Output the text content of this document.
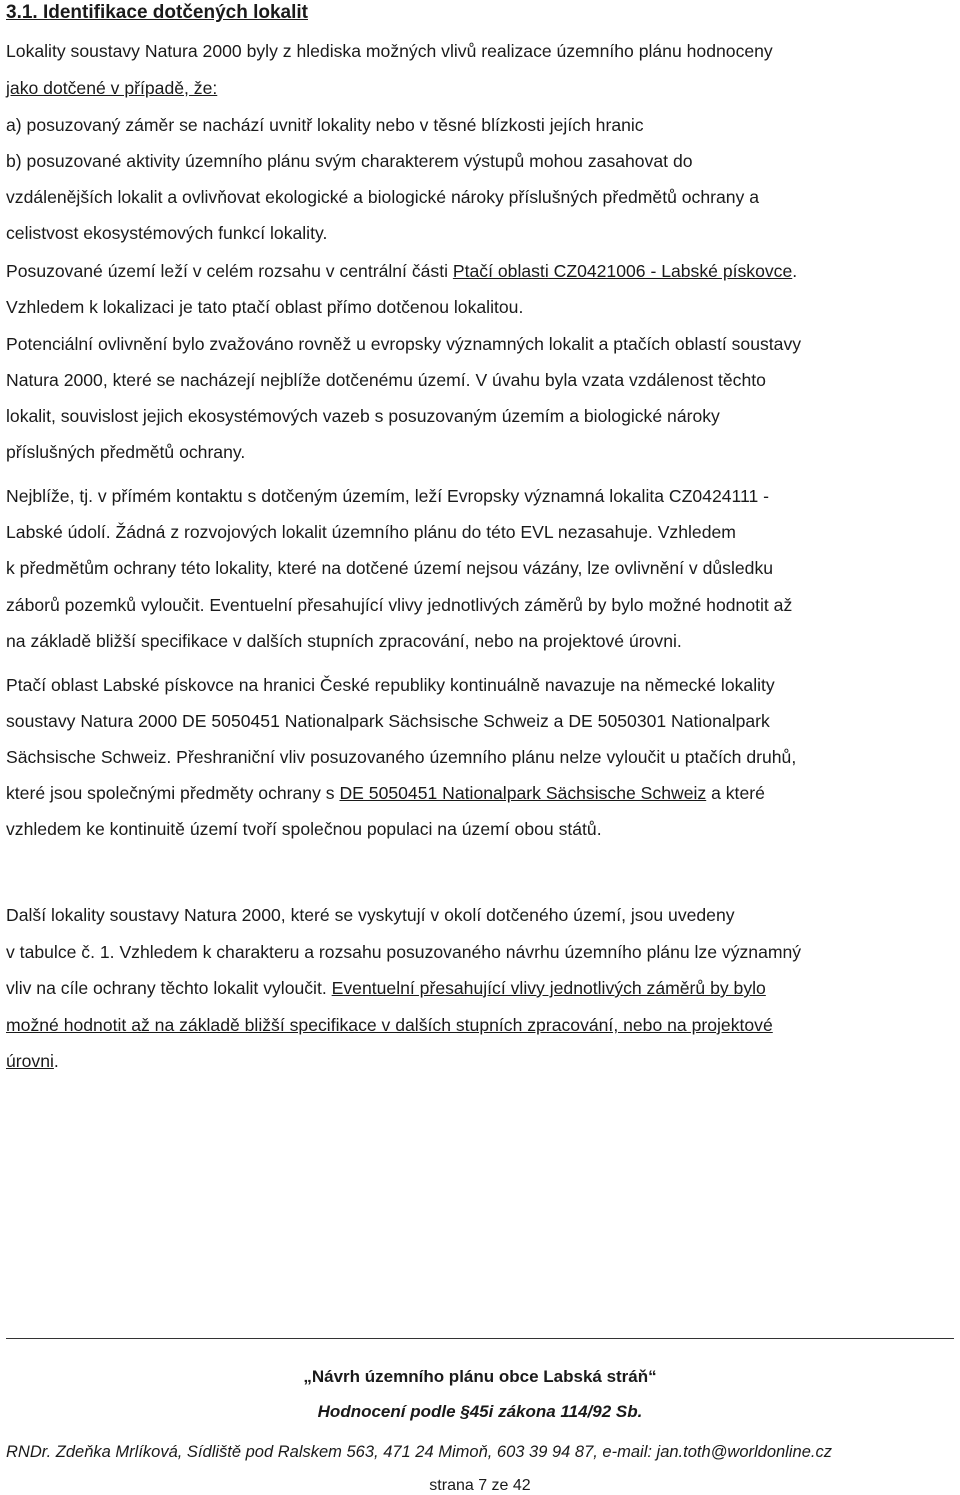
3.1. Identifikace dotčených lokalit
Lokality soustavy Natura 2000 byly z hlediska možných vlivů realizace územního plánu hodnoceny
jako dotčené v případě, že:
a) posuzovaný záměr se nachází uvnitř lokality nebo v těsné blízkosti jejích hranic
b) posuzované aktivity územního plánu svým charakterem výstupů mohou zasahovat do
vzdálenějších lokalit a ovlivňovat ekologické a biologické nároky příslušných předmětů ochrany a
celistvost ekosystémových funkcí lokality.
Posuzované území leží v celém rozsahu v centrální části Ptačí oblasti CZ0421006 - Labské pískovce.
Vzhledem k lokalizaci je tato ptačí oblast přímo dotčenou lokalitou.
Potenciální ovlivnění bylo zvažováno rovněž u evropsky významných lokalit a ptačích oblastí soustavy
Natura 2000, které se nacházejí nejblíže dotčenému území. V úvahu byla vzata vzdálenost těchto
lokalit, souvislost jejich ekosystémových vazeb s posuzovaným územím a biologické nároky
příslušných předmětů ochrany.
Nejblíže, tj. v přímém kontaktu s dotčeným územím, leží Evropsky významná lokalita CZ0424111 -
Labské údolí. Žádná z rozvojových lokalit územního plánu do této EVL nezasahuje. Vzhledem
k předmětům ochrany této lokality, které na dotčené území nejsou vázány, lze ovlivnění v důsledku
záborů pozemků vyloučit. Eventuelní přesahující vlivy jednotlivých záměrů by bylo možné hodnotit až
na základě bližší specifikace v dalších stupních zpracování, nebo na projektové úrovni.
Ptačí oblast Labské pískovce na hranici České republiky kontinuálně navazuje na německé lokality
soustavy Natura 2000 DE 5050451 Nationalpark Sächsische Schweiz a DE 5050301 Nationalpark
Sächsische Schweiz. Přeshraniční vliv posuzovaného územního plánu nelze vyloučit u ptačích druhů,
které jsou společnými předměty ochrany s DE 5050451 Nationalpark Sächsische Schweiz a které
vzhledem ke kontinuitě území tvoří společnou populaci na území obou států.
Další lokality soustavy Natura 2000, které se vyskytují v okolí dotčeného území, jsou uvedeny
v tabulce č. 1. Vzhledem k charakteru a rozsahu posuzovaného návrhu územního plánu lze významný
vliv na cíle ochrany těchto lokalit vyloučit. Eventuelní přesahující vlivy jednotlivých záměrů by bylo
možné hodnotit až na základě bližší specifikace v dalších stupních zpracování, nebo na projektové
úrovni.
„Návrh územního plánu obce Labská stráň“
Hodnocení podle §45i zákona 114/92 Sb.
RNDr. Zdeňka Mrlíková, Sídliště pod Ralskem 563, 471 24 Mimoň, 603 39 94 87, e-mail: jan.toth@worldonline.cz
strana 7 ze 42
